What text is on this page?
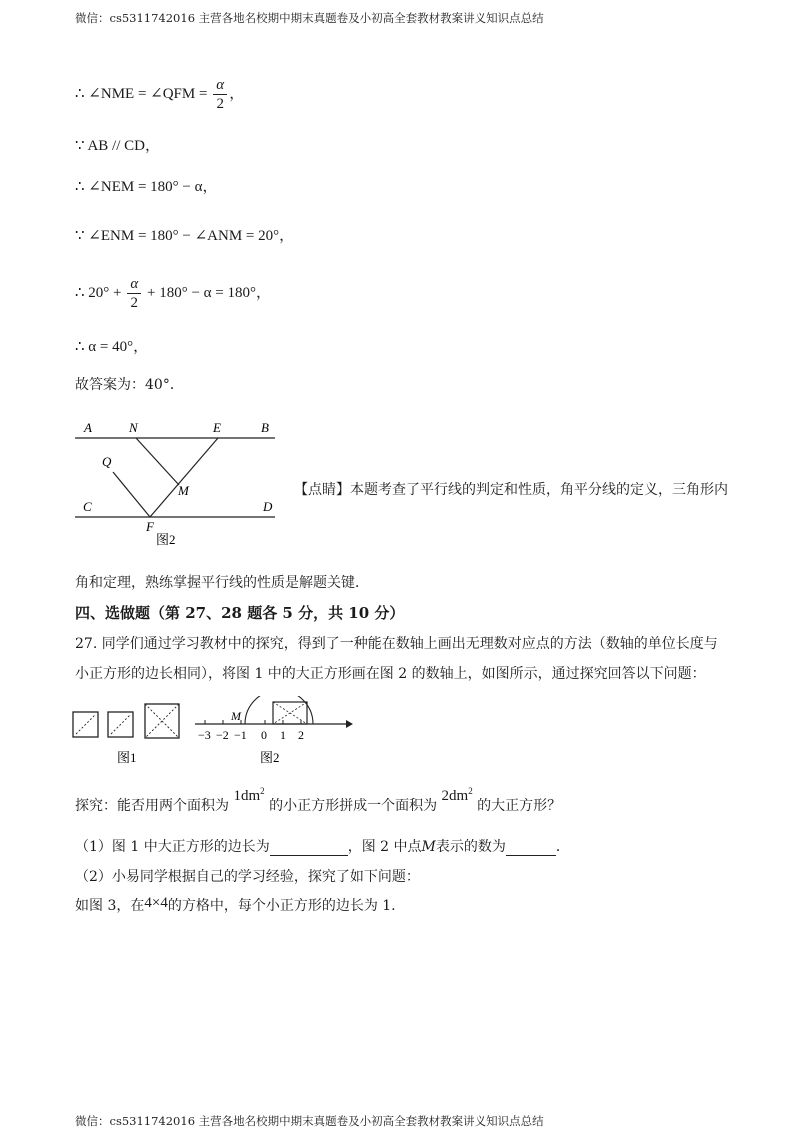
微信：cs5311742016 主营各地名校期中期末真题卷及小初高全套教材教案讲义知识点总结
∴ ∠NME = ∠QFM = $\frac{\alpha}{2}$ ，
∵ AB // CD，
∴ ∠NEM = 180° − α，
∵ ∠ENM = 180° − ∠ANM = 20°，
∴ $20^\circ + \frac{\alpha}{2} + 180^\circ - \alpha = 180^\circ$，
∴ α = 40°，
故答案为：40°．
A	N	E	B
Q
M
C	D
F
图2
【点睛】本题考查了平行线的判定和性质，角平分线的定义，三角形内
角和定理，熟练掌握平行线的性质是解题关键．
四、选做题（第 27、28 题各 5 分，共 10 分）
27. 同学们通过学习教材中的探究，得到了一种能在数轴上画出无理数对应点的方法（数轴的单位长度与
小正方形的边长相同），将图 1 中的大正方形画在图 2 的数轴上，如图所示，通过探究回答以下问题：
图1
M
−3 −2 −1 0 1 2
图2
探究：能否用两个面积为 $1dm^2$ 的小正方形拼成一个面积为 $2dm^2$ 的大正方形？
（1）图 1 中大正方形的边长为	，图 2 中点M表示的数为	．
（2）小易同学根据自己的学习经验，探究了如下问题：
如图 3，在4×4的方格中，每个小正方形的边长为 1.
微信：cs5311742016 主营各地名校期中期末真题卷及小初高全套教材教案讲义知识点总结
